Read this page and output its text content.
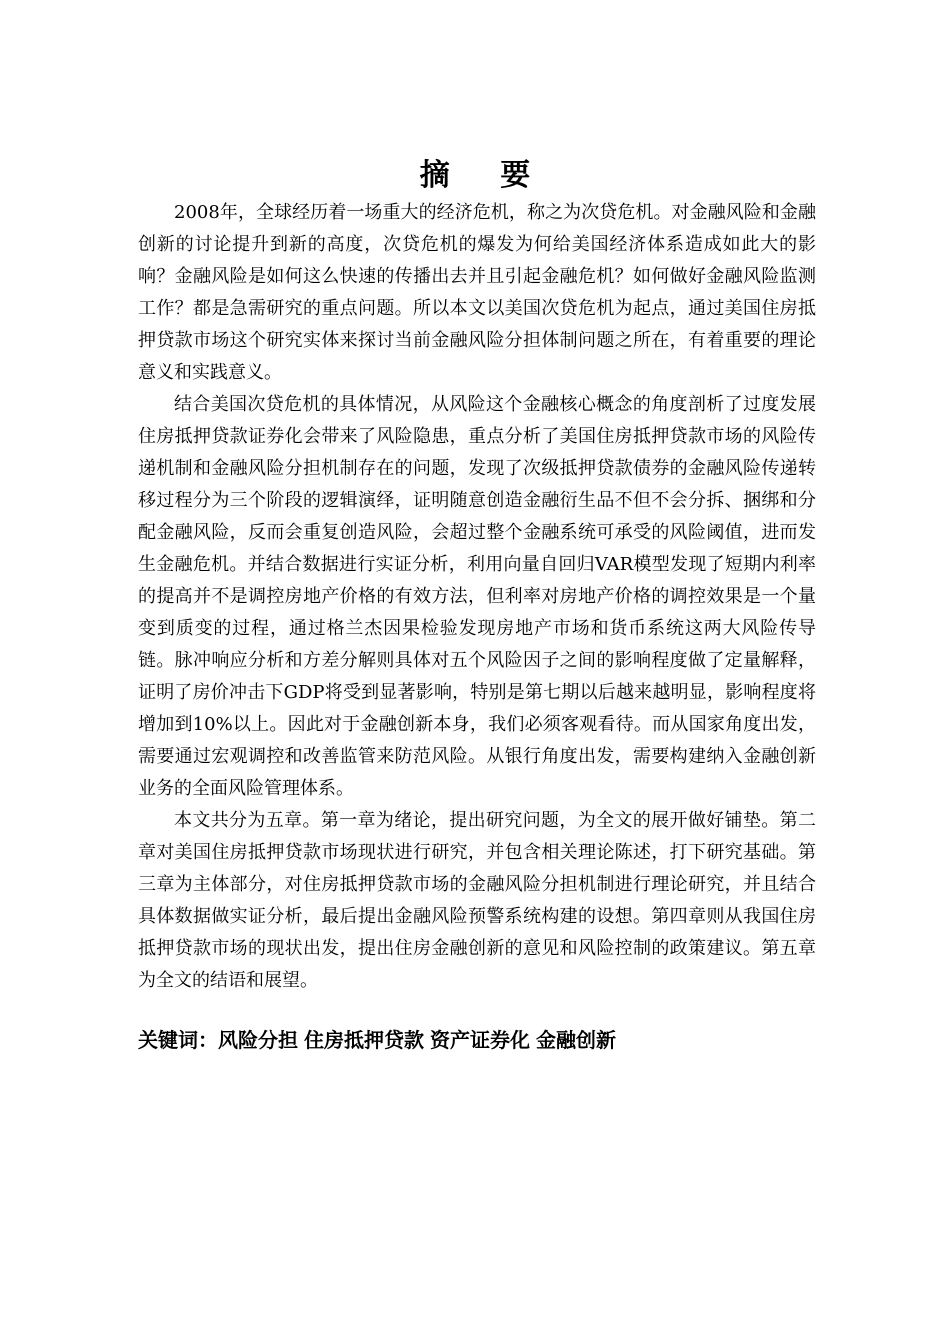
摘 要

2008年，全球经历着一场重大的经济危机，称之为次贷危机。对金融风险和金融创新的讨论提升到新的高度，次贷危机的爆发为何给美国经济体系造成如此大的影响？金融风险是如何这么快速的传播出去并且引起金融危机？如何做好金融风险监测工作？都是急需研究的重点问题。所以本文以美国次贷危机为起点，通过美国住房抵押贷款市场这个研究实体来探讨当前金融风险分担体制问题之所在，有着重要的理论意义和实践意义。

结合美国次贷危机的具体情况，从风险这个金融核心概念的角度剖析了过度发展住房抵押贷款证券化会带来了风险隐患，重点分析了美国住房抵押贷款市场的风险传递机制和金融风险分担机制存在的问题，发现了次级抵押贷款债券的金融风险传递转移过程分为三个阶段的逻辑演绎，证明随意创造金融衍生品不但不会分拆、捆绑和分配金融风险，反而会重复创造风险，会超过整个金融系统可承受的风险阈值，进而发生金融危机。并结合数据进行实证分析，利用向量自回归VAR模型发现了短期内利率的提高并不是调控房地产价格的有效方法，但利率对房地产价格的调控效果是一个量变到质变的过程，通过格兰杰因果检验发现房地产市场和货币系统这两大风险传导链。脉冲响应分析和方差分解则具体对五个风险因子之间的影响程度做了定量解释，证明了房价冲击下GDP将受到显著影响，特别是第七期以后越来越明显，影响程度将增加到10%以上。因此对于金融创新本身，我们必须客观看待。而从国家角度出发，需要通过宏观调控和改善监管来防范风险。从银行角度出发，需要构建纳入金融创新业务的全面风险管理体系。

本文共分为五章。第一章为绪论，提出研究问题，为全文的展开做好铺垫。第二章对美国住房抵押贷款市场现状进行研究，并包含相关理论陈述，打下研究基础。第三章为主体部分，对住房抵押贷款市场的金融风险分担机制进行理论研究，并且结合具体数据做实证分析，最后提出金融风险预警系统构建的设想。第四章则从我国住房抵押贷款市场的现状出发，提出住房金融创新的意见和风险控制的政策建议。第五章为全文的结语和展望。

关键词：风险分担 住房抵押贷款 资产证券化 金融创新
